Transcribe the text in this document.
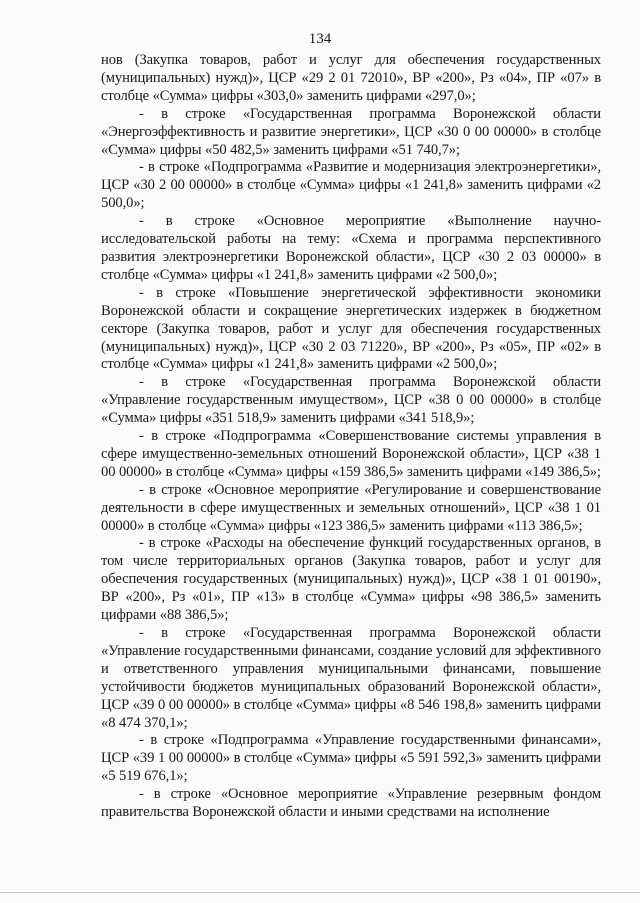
134

нов (Закупка товаров, работ и услуг для обеспечения государственных (муниципальных) нужд)», ЦСР «29 2 01 72010», ВР «200», Рз «04», ПР «07» в столбце «Сумма» цифры «303,0» заменить цифрами «297,0»;

- в строке «Государственная программа Воронежской области «Энергоэффективность и развитие энергетики», ЦСР «30 0 00 00000» в столбце «Сумма» цифры «50 482,5» заменить цифрами «51 740,7»;

- в строке «Подпрограмма «Развитие и модернизация электроэнергетики», ЦСР «30 2 00 00000» в столбце «Сумма» цифры «1 241,8» заменить цифрами «2 500,0»;

- в строке «Основное мероприятие «Выполнение научно-исследовательской работы на тему: «Схема и программа перспективного развития электроэнергетики Воронежской области», ЦСР «30 2 03 00000» в столбце «Сумма» цифры «1 241,8» заменить цифрами «2 500,0»;

- в строке «Повышение энергетической эффективности экономики Воронежской области и сокращение энергетических издержек в бюджетном секторе (Закупка товаров, работ и услуг для обеспечения государственных (муниципальных) нужд)», ЦСР «30 2 03 71220», ВР «200», Рз «05», ПР «02» в столбце «Сумма» цифры «1 241,8» заменить цифрами «2 500,0»;

- в строке «Государственная программа Воронежской области «Управление государственным имуществом», ЦСР «38 0 00 00000» в столбце «Сумма» цифры «351 518,9» заменить цифрами «341 518,9»;

- в строке «Подпрограмма «Совершенствование системы управления в сфере имущественно-земельных отношений Воронежской области», ЦСР «38 1 00 00000» в столбце «Сумма» цифры «159 386,5» заменить цифрами «149 386,5»;

- в строке «Основное мероприятие «Регулирование и совершенствование деятельности в сфере имущественных и земельных отношений», ЦСР «38 1 01 00000» в столбце «Сумма» цифры «123 386,5» заменить цифрами «113 386,5»;

- в строке «Расходы на обеспечение функций государственных органов, в том числе территориальных органов (Закупка товаров, работ и услуг для обеспечения государственных (муниципальных) нужд)», ЦСР «38 1 01 00190», ВР «200», Рз «01», ПР «13» в столбце «Сумма» цифры «98 386,5» заменить цифрами «88 386,5»;

- в строке «Государственная программа Воронежской области «Управление государственными финансами, создание условий для эффективного и ответственного управления муниципальными финансами, повышение устойчивости бюджетов муниципальных образований Воронежской области», ЦСР «39 0 00 00000» в столбце «Сумма» цифры «8 546 198,8» заменить цифрами «8 474 370,1»;

- в строке «Подпрограмма «Управление государственными финансами», ЦСР «39 1 00 00000» в столбце «Сумма» цифры «5 591 592,3» заменить цифрами «5 519 676,1»;

- в строке «Основное мероприятие «Управление резервным фондом правительства Воронежской области и иными средствами на исполнение
